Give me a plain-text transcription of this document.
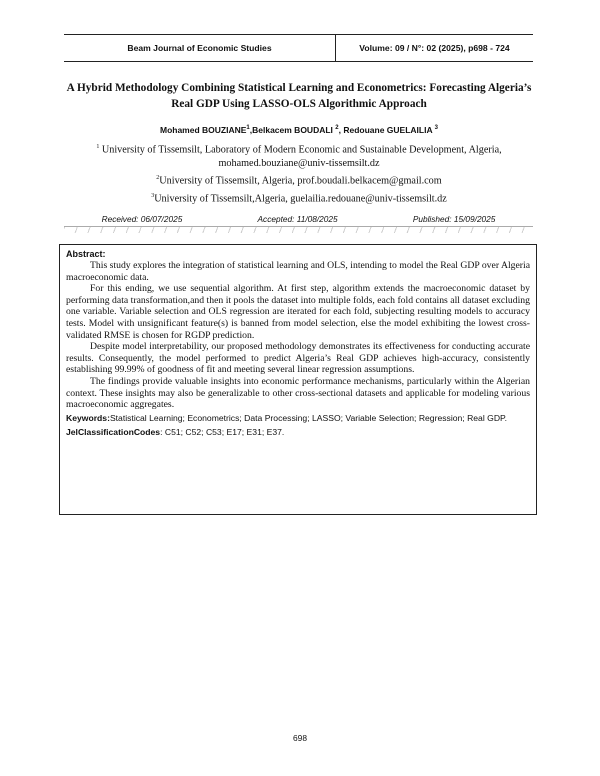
Beam Journal of Economic Studies	Volume: 09 / N°: 02 (2025), p698 - 724
A Hybrid Methodology Combining Statistical Learning and Econometrics: Forecasting Algeria’s Real GDP Using LASSO-OLS Algorithmic Approach
Mohamed BOUZIANE$^1$,Belkacem BOUDALI $^2$, Redouane GUELAILIA $^3$
$^1$ University of Tissemsilt, Laboratory of Modern Economic and Sustainable Development, Algeria, mohamed.bouziane@univ-tissemsilt.dz
$^2$University of Tissemsilt, Algeria, prof.boudali.belkacem@gmail.com
$^3$University of Tissemsilt,Algeria, guelailia.redouane@univ-tissemsilt.dz
Received: 06/07/2025	Accepted: 11/08/2025	Published: 15/09/2025
Abstract:

This study explores the integration of statistical learning and OLS, intending to model the Real GDP over Algeria macroeconomic data.

For this ending, we use sequential algorithm. At first step, algorithm extends the macroeconomic dataset by performing data transformation,and then it pools the dataset into multiple folds, each fold contains all dataset excluding one variable. Variable selection and OLS regression are iterated for each fold, subjecting resulting models to accuracy tests. Model with unsignificant feature(s) is banned from model selection, else the model exhibiting the lowest cross-validated RMSE is chosen for RGDP prediction.

Despite model interpretability, our proposed methodology demonstrates its effectiveness for conducting accurate results. Consequently, the model performed to predict Algeria’s Real GDP achieves high-accuracy, consistently establishing 99.99% of goodness of fit and meeting several linear regression assumptions.

The findings provide valuable insights into economic performance mechanisms, particularly within the Algerian context. These insights may also be generalizable to other cross-sectional datasets and applicable for modeling various macroeconomic aggregates.

Keywords:Statistical Learning; Econometrics; Data Processing; LASSO; Variable Selection; Regression; Real GDP.

JelClassificationCodes: C51; C52; C53; E17; E31; E37.

698
